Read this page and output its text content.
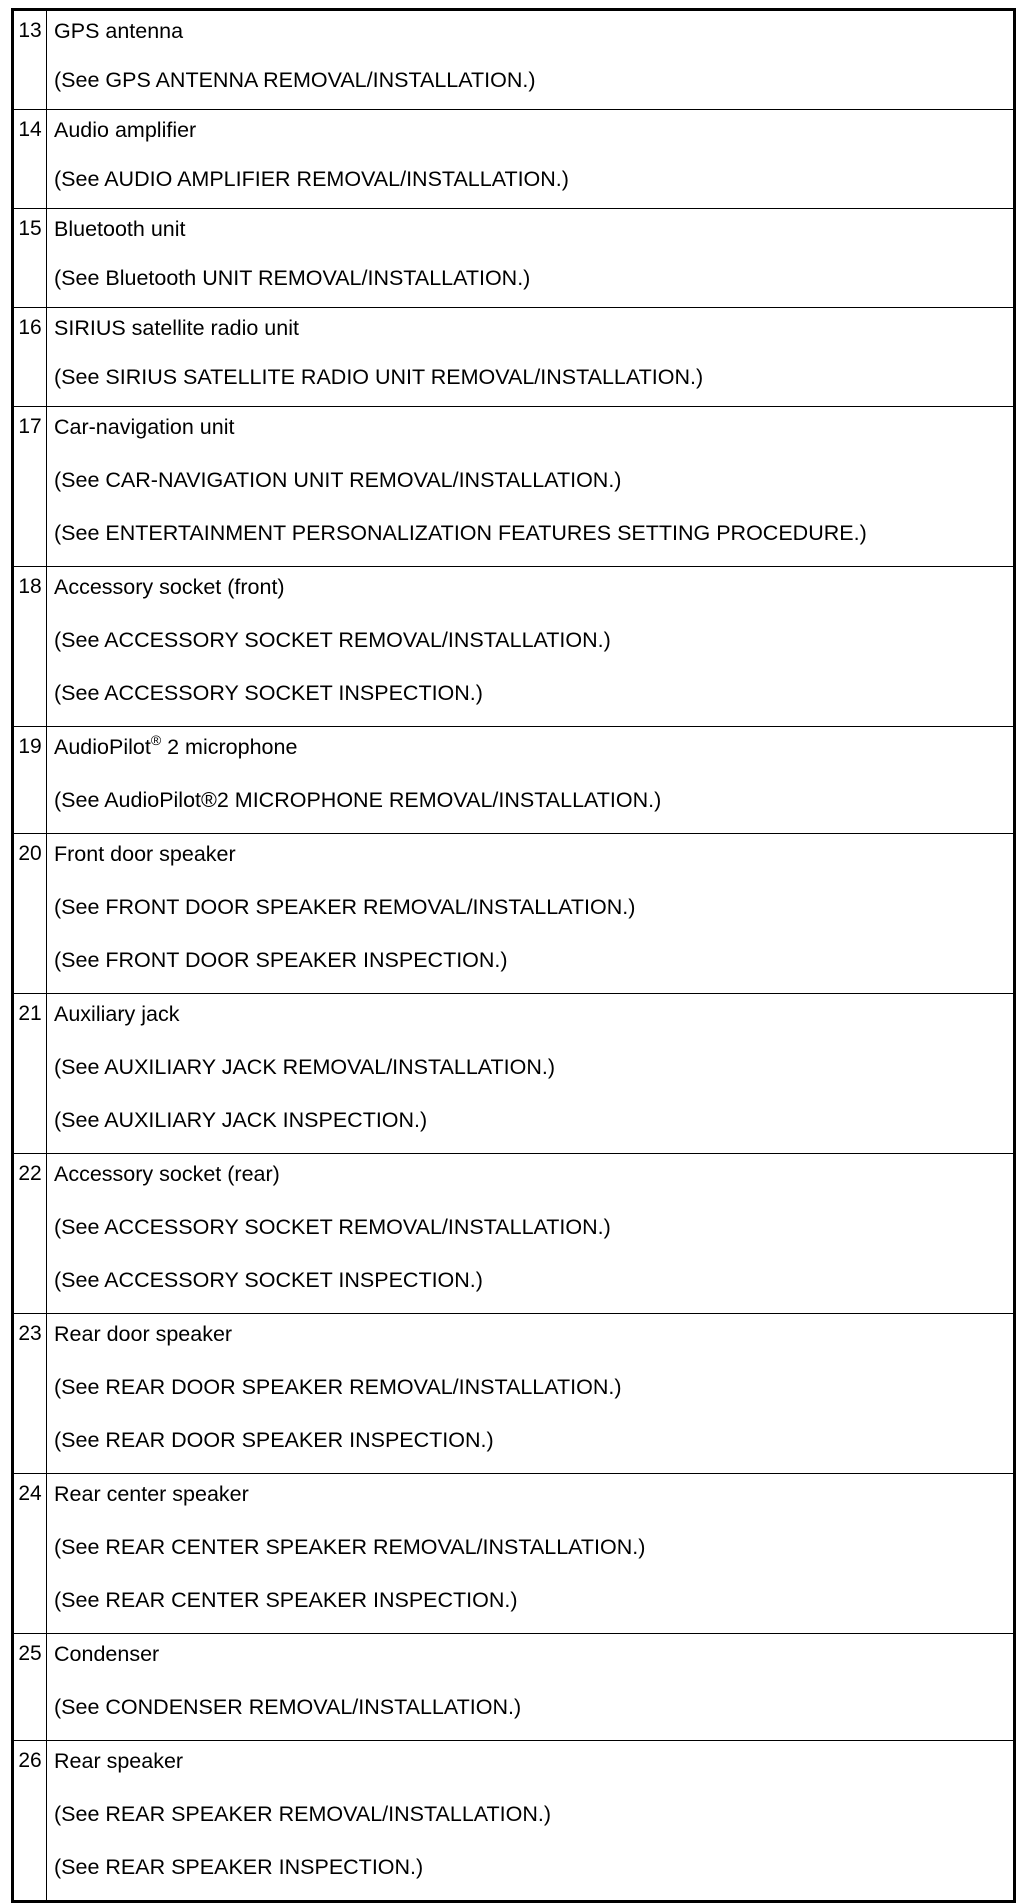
13	GPS antenna
(See GPS ANTENNA REMOVAL/INSTALLATION.)

14	Audio amplifier
(See AUDIO AMPLIFIER REMOVAL/INSTALLATION.)

15	Bluetooth unit
(See Bluetooth UNIT REMOVAL/INSTALLATION.)

16	SIRIUS satellite radio unit
(See SIRIUS SATELLITE RADIO UNIT REMOVAL/INSTALLATION.)

17	Car-navigation unit
(See CAR-NAVIGATION UNIT REMOVAL/INSTALLATION.)
(See ENTERTAINMENT PERSONALIZATION FEATURES SETTING PROCEDURE.)

18	Accessory socket (front)
(See ACCESSORY SOCKET REMOVAL/INSTALLATION.)
(See ACCESSORY SOCKET INSPECTION.)

19	AudioPilot® 2 microphone
(See AudioPilot®2 MICROPHONE REMOVAL/INSTALLATION.)

20	Front door speaker
(See FRONT DOOR SPEAKER REMOVAL/INSTALLATION.)
(See FRONT DOOR SPEAKER INSPECTION.)

21	Auxiliary jack
(See AUXILIARY JACK REMOVAL/INSTALLATION.)
(See AUXILIARY JACK INSPECTION.)

22	Accessory socket (rear)
(See ACCESSORY SOCKET REMOVAL/INSTALLATION.)
(See ACCESSORY SOCKET INSPECTION.)

23	Rear door speaker
(See REAR DOOR SPEAKER REMOVAL/INSTALLATION.)
(See REAR DOOR SPEAKER INSPECTION.)

24	Rear center speaker
(See REAR CENTER SPEAKER REMOVAL/INSTALLATION.)
(See REAR CENTER SPEAKER INSPECTION.)

25	Condenser
(See CONDENSER REMOVAL/INSTALLATION.)

26	Rear speaker
(See REAR SPEAKER REMOVAL/INSTALLATION.)
(See REAR SPEAKER INSPECTION.)
